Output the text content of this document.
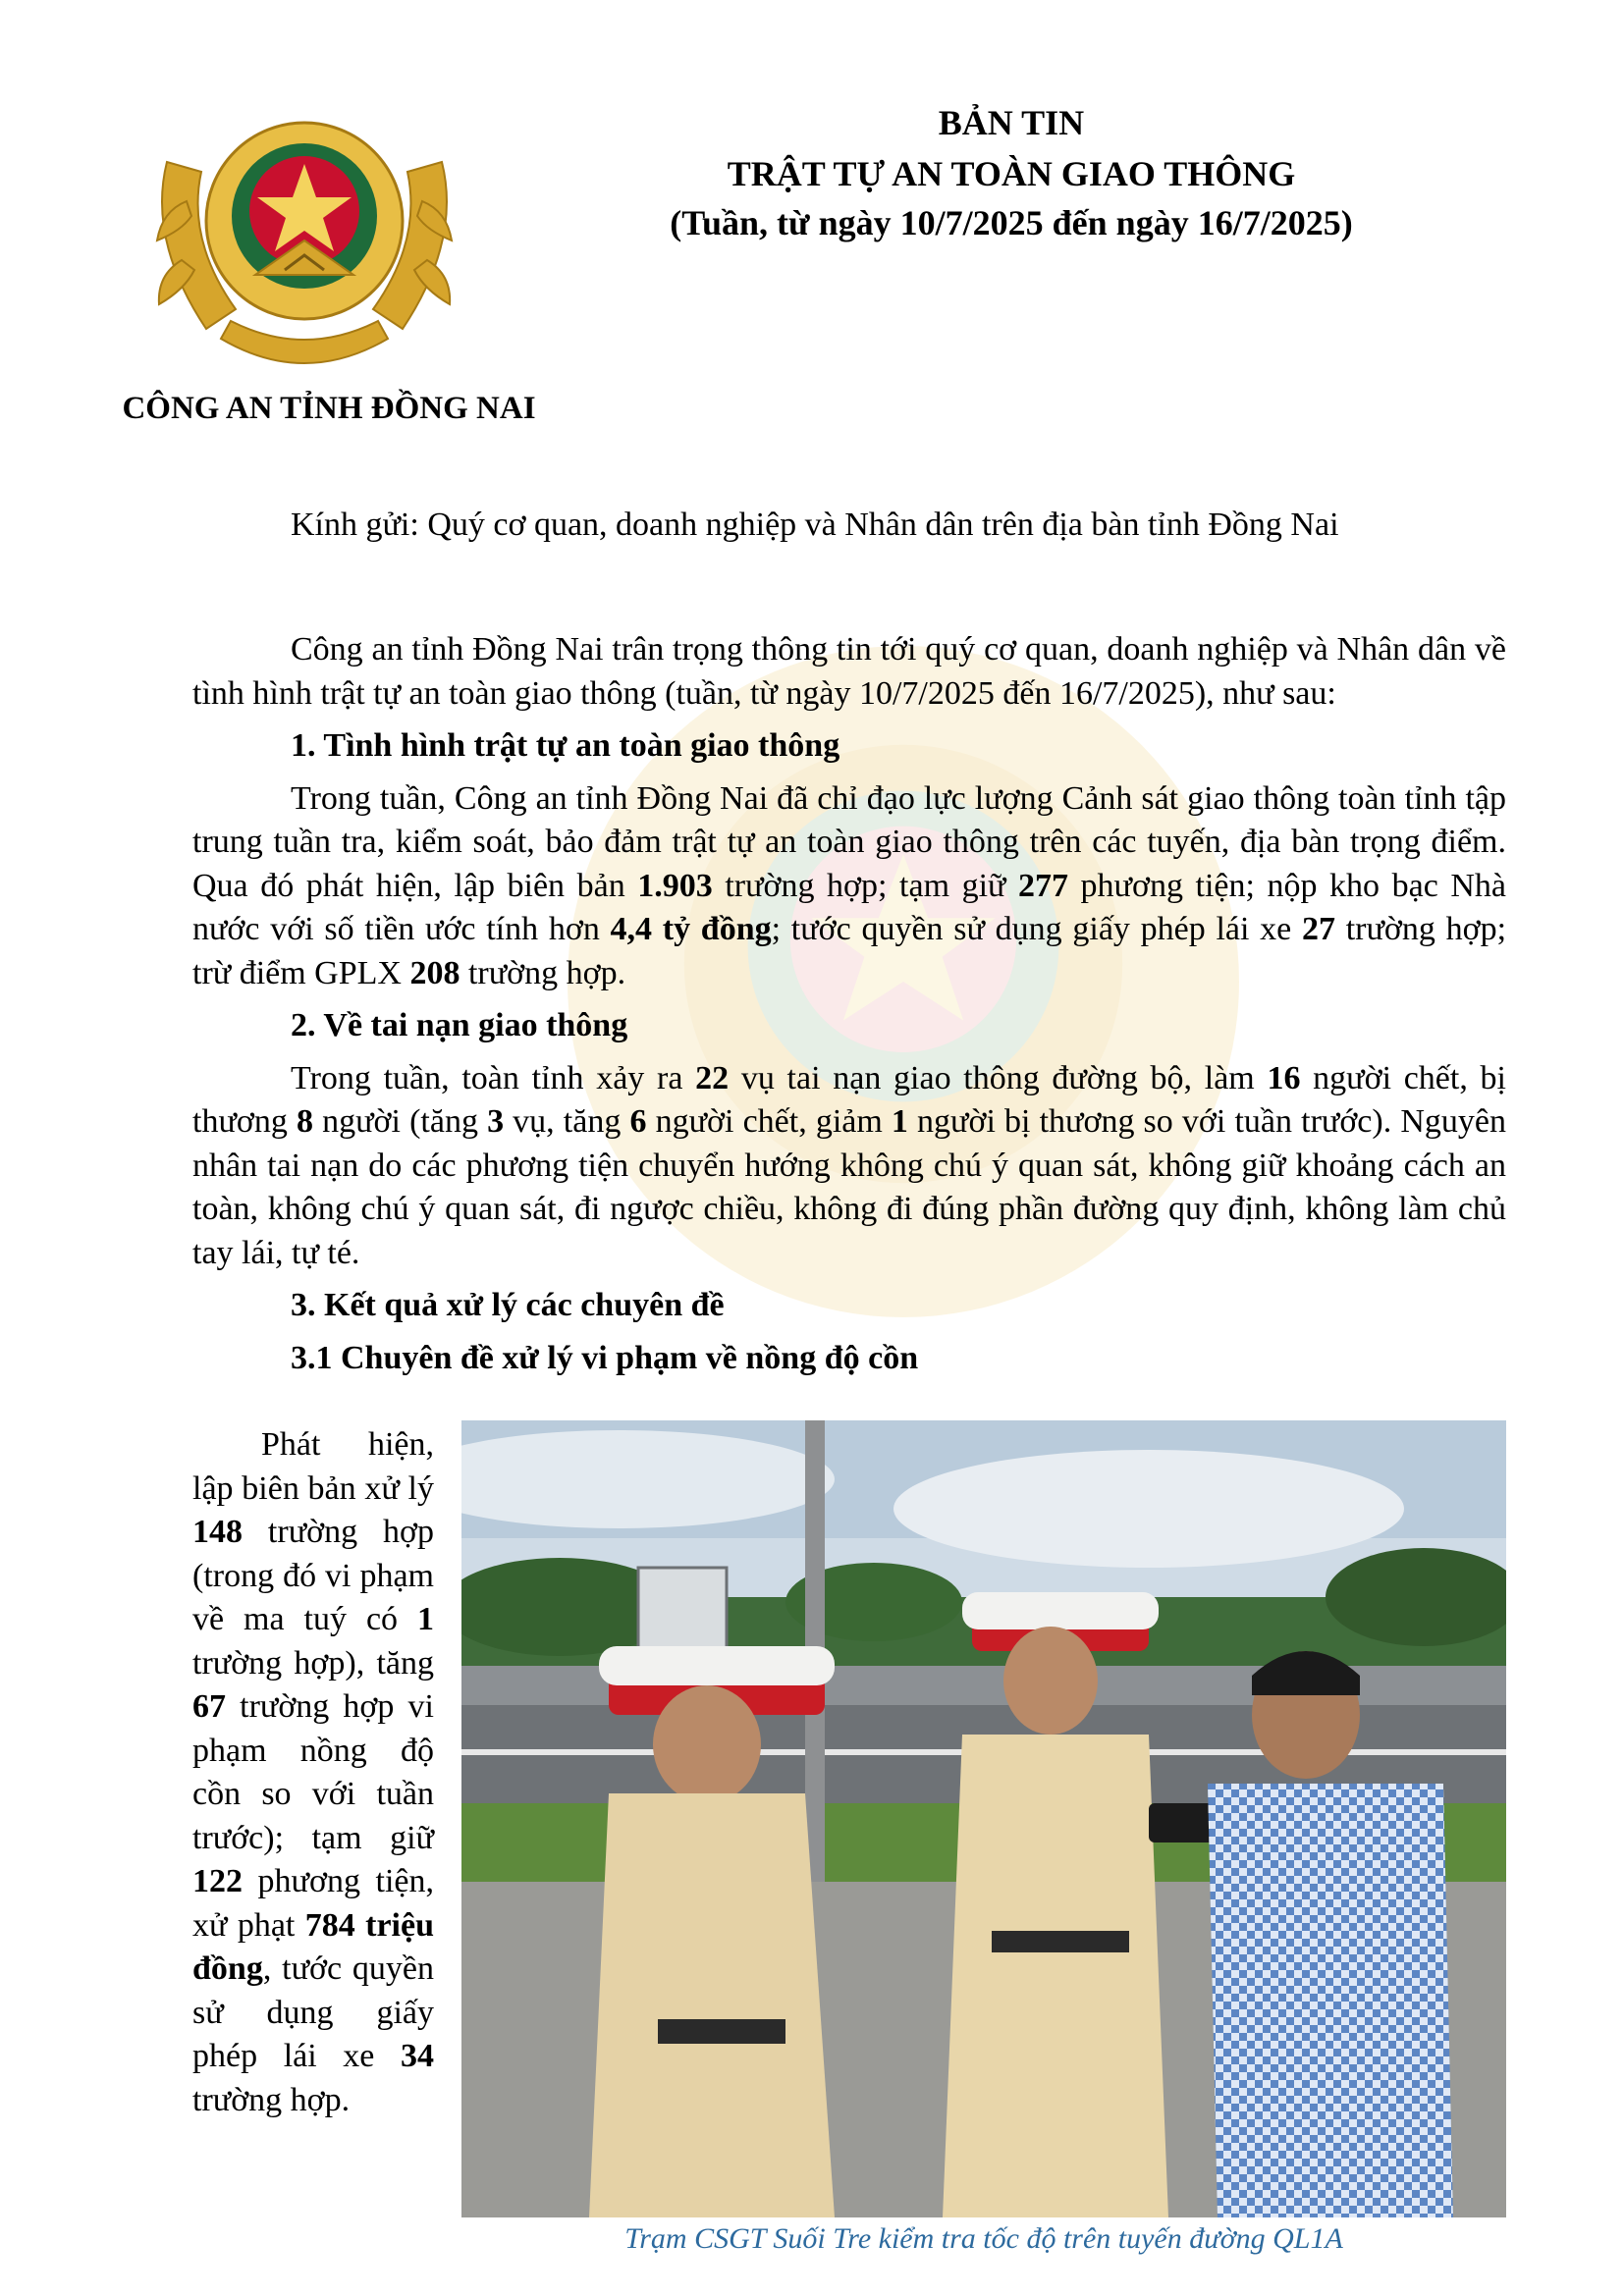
CÔNG AN TỈNH ĐỒNG NAI
BẢN TIN
TRẬT TỰ AN TOÀN GIAO THÔNG
(Tuần, từ ngày 10/7/2025 đến ngày 16/7/2025)
Kính gửi: Quý cơ quan, doanh nghiệp và Nhân dân trên địa bàn tỉnh Đồng Nai

Công an tỉnh Đồng Nai trân trọng thông tin tới quý cơ quan, doanh nghiệp và Nhân dân về tình hình trật tự an toàn giao thông (tuần, từ ngày 10/7/2025 đến 16/7/2025), như sau:

1. Tình hình trật tự an toàn giao thông

Trong tuần, Công an tỉnh Đồng Nai đã chỉ đạo lực lượng Cảnh sát giao thông toàn tỉnh tập trung tuần tra, kiểm soát, bảo đảm trật tự an toàn giao thông trên các tuyến, địa bàn trọng điểm. Qua đó phát hiện, lập biên bản 1.903 trường hợp; tạm giữ 277 phương tiện; nộp kho bạc Nhà nước với số tiền ước tính hơn 4,4 tỷ đồng; tước quyền sử dụng giấy phép lái xe 27 trường hợp; trừ điểm GPLX 208 trường hợp.

2. Về tai nạn giao thông

Trong tuần, toàn tỉnh xảy ra 22 vụ tai nạn giao thông đường bộ, làm 16 người chết, bị thương 8 người (tăng 3 vụ, tăng 6 người chết, giảm 1 người bị thương so với tuần trước). Nguyên nhân tai nạn do các phương tiện chuyển hướng không chú ý quan sát, không giữ khoảng cách an toàn, không chú ý quan sát, đi ngược chiều, không đi đúng phần đường quy định, không làm chủ tay lái, tự té.

3. Kết quả xử lý các chuyên đề
3.1 Chuyên đề xử lý vi phạm về nồng độ cồn
Phát hiện, lập biên bản xử lý 148 trường hợp (trong đó vi phạm về ma tuý có 1 trường hợp), tăng 67 trường hợp vi phạm nồng độ cồn so với tuần trước); tạm giữ 122 phương tiện, xử phạt 784 triệu đồng, tước quyền sử dụng giấy phép lái xe 34 trường hợp.
Trạm CSGT Suối Tre kiểm tra tốc độ trên tuyến đường QL1A
